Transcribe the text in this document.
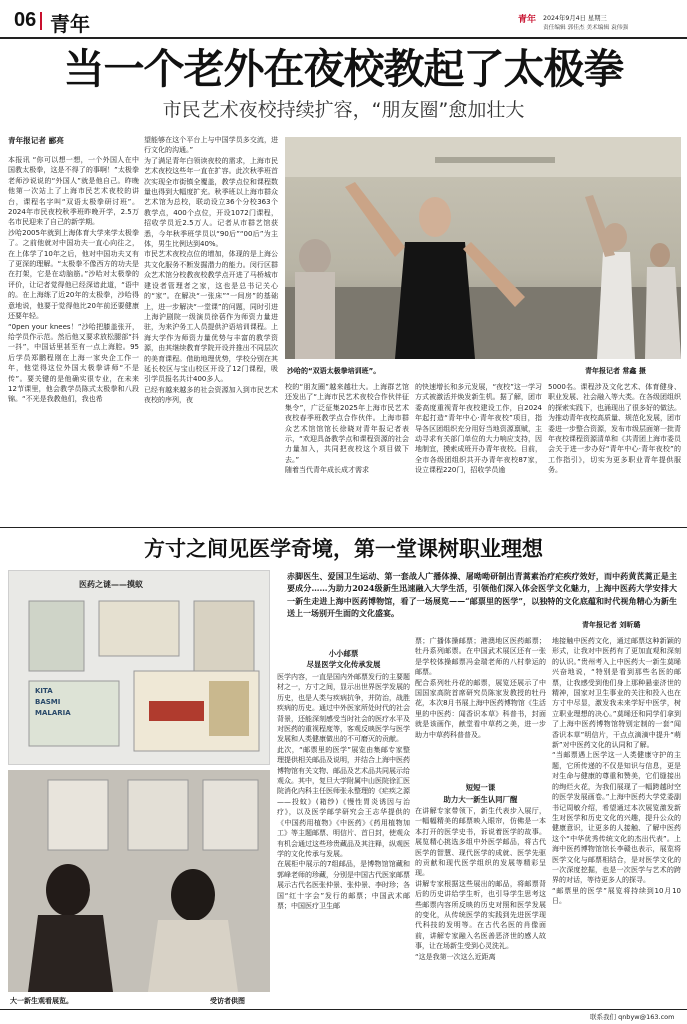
06 青年	青年 2024年9月4日 星期三
责任编辑 郭佳杰 美术编辑 袁伟强
当一个老外在夜校教起了太极拳
市民艺术夜校持续扩容，“朋友圈”愈加壮大
青年报记者 郦亮
本报讯 “你可以想一想，一个外国人在中国教太极拳，这是不得了的事啊！”太极拳老师沙说说的“外国人”就是他自己。昨晚他第一次站上了上海市民艺术夜校的讲台，课程名字叫“双语太极拳研讨班”。2024年市民夜校秋季班昨晚开学，2.5万名市民迎来了自己的新学期。
沙哈2005年就到上海体育大学来学太极拳了。之前他就对中国功夫一直心向往之，在上体学了10年之后，他对中国功夫又有了更深的理解。“太极拳不像西方的功夫是在打架，它是在动脑筋。”沙哈对太极拳的评价，让记者觉得他已经深谙此道，“语中的。在上海练了近20年的太极拳，沙哈得意地说，他要于觉得他比20年前还要健康还要年轻。
“0pen your knees！”沙哈把膝盖张开，给学员作示范。然后他又要求放松腿部“抖一抖”，中国话里甚至有一点上海腔。95后学员郑鹏程刚在上海一家央企工作一年，他觉得这位外国太极拳讲师“不是传”。要关键的是他确实很专业，在未来12节课里，他会教学员陈式太极拳和八段锦。“不光是我教他们，我也希
望能够在这个平台上与中国学员多交流，进行文化的沟通。”
为了满足青年白领读夜校的需求，上海市民艺术夜校这些年一直在扩容。此次秋季班首次实现全市街镇全覆盖，教学点位和课程数量也得到大幅度扩充。秋季班以上海市群众艺术馆为总校，联动设立36个分校363个教学点，400个点位，开设1072门课程，招收学员近2.5万人。记者从市群艺馆获悉，今年秋季班学员以“90后”“00后”为主体，男生比例达到40%。
市民艺术夜校点位的增加，体现的是上海公共文化服务不断发掘潜力的能力。闵行区群众艺术馆分校教夜校教学点开进了马桥城市建设者管理者之家，这也是总书记关心的“家”。在解决“一张床”“一间房”的基础上，进一步解决“一堂课”的问题，同时引进上海沪剧院一级演员徐蓓作为师资力量进驻，为来沪务工人员提供沪语培训课程。上海大学作为师资力量优势与丰富的教学资源，由其继续教育学院开设并推出不同层次的美育课程。借助地理优势，学校分别在其延长校区与宝山校区开设了12门课程，吸引学员报名共计400多人。
已经有越来越多的社会资源加入到市民艺术夜校的序列，夜
沙哈的“双语太极拳培训班”。	青年报记者 常鑫 摄
校的“朋友圈”越来越壮大。上海群艺馆还发出了“上海市民艺术夜校合作伙伴征集令”，广泛征集2025年上海市民艺术夜校春季班教学点合作伙伴。上海市群众艺术馆馆馆长徐晓对青年报记者表示，“欢迎具备教学点和课程资源的社会力量加入，共同把夜校这个项目做下去。”
随着当代青年成长成才需求
的快速增长和多元发展，“夜校”这一学习方式被激活并焕发新生机。据了解，团市委高度重视青年夜校建设工作，自2024年起打造“青年中心·青年夜校”项目，指导各区团组织充分用好当地资源禀赋，主动寻求有关部门单位的大力响应支持，因地制宜，摸索成班开办青年夜校。目前，全市各级团组织共开办青年夜校87家，设立课程220门，招收学员逾
5000名。课程涉及文化艺术、体育健身、职业发展、社会融入等大类。在各级团组织的探索实践下，也涌现出了很多好的做法。为推动青年夜校高质量、规范化发展，团市委进一步整合资源，发布市级层面第一批青年夜校课程资源清单和《共青团上海市委员会关于进一步办好“青年中心·青年夜校”的工作指引》，切实为更多职业青年提供服务。
方寸之间见医学奇境，第一堂课树职业理想
医药之谜——摸蚁
KITA
BASMI
MALARIA
大一新生观看展览。	受访者供图
赤脚医生、爱国卫生运动、第一套战人广播体操、屠呦呦研制出青蒿素治疗疟疾疗效好，而中药黄芪蒿正是主要成分……为助力2024级新生迅速融入大学生活，引领他们深入体会医学文化魅力，上海中医药大学安排大一新生走进上海中医药博物馆，看了一场展览——“邮票里的医学”，以独特的文化底蕴和时代视角精心为新生送上一场别开生面的文化盛宴。
青年报记者 刘昕璐
小小邮票
尽显医学文化传承发展
医学内容，一直是国内外邮票发行的主要题材之一，方寸之间，显示出世界医学发展的历史，也是人类与疾病抗争，并防治，战胜疾病的历史。通过中外医家所处时代的社会背景，还能深刻感受当时社会的医疗水平及对医药的重视程度等，客观反映医学与医学发展和人类健康做出的不可磨灭的贡献。
此次，“邮票里的医学”展览由集邮专家整理提供相关邮品及说明，并结合上海中医药博物馆有关文物、邮品及艺术品共同展示给观众。其中，复旦大学附属中山医院徐汇医院消化内科主任医师张永整理的《疟疾之源——投蚊》(箱纱)《慢性胃炎诱因与治疗》，以及医学邮学研究会王志华提供的《中国药用植物》《中医药》《药用植物加工》等主题邮票、明信片、首日封，使观众有机会通过这些珍贵藏品及其注释，纵观医学的文化传承与发展。
在展柜中展示的7组邮品，是博物馆馆藏和郭峰老师的珍藏，分别是中国古代医家邮票展示古代名医张仲景、张仲景、李时珍；各国“红十字会”发行的邮票；中国武术邮票；中国医疗卫生邮
票；广播体操邮票；港澳地区医药邮票；牡丹系列邮票。在中国武术展区还有一张是学校体操邮票冯金瑞老师的八村拳运的邮票。
配合系列牡丹花的邮票，展览还展示了中国国家高院首席研究员陈家发教授的牡丹花，本次8月书展上海中医药博物馆《生活里的中医药：闻香识本草》科普书，封面就是该画作，献堂看中草药之美，进一步助力中草药科普普及。
短短一课
助力大一新生认同厂醒
在讲解专家带领下，新生代表步入展厅，一幅幅精美的邮票映入眼帘，仿佛是一本本打开的医学史书，诉说着医学的故事。展览精心挑选多组中外医学邮品，将古代医学的智慧、现代医学的成就、医学先驱的贡献和现代医学组织的发展等精彩呈现。
讲解专家根据这些展出的邮品，将邮票背后的历史讲给学生听，也引导学生思考这些邮票内容所反映的历史对照和医学发展的变化，从传统医学的实践到先进医学现代科技的发明等。在古代名医的肖像面前，讲解专家融入名医善恶济世的感人故事，让在场新生受到心灵洗礼。
“这是我第一次这么近距离
地接触中医药文化，通过邮票这种新颖的形式，让我对中医药有了更加直观和深刻的认识。”贵州考入上中医药大一新生莫晞兴奋地说，“特别是看到那些名医的邮票，让我感受到他们身上那种悬壶济世的精神，国家对卫生事业的关注和投入也在方寸中尽显，激发我未来学好中医学，树立职业理想的决心。”莫晞还和同学们拿到了上海中医药博物馆特别定制的一套“闻香识本草”明信片，干点点滴滴中提升“萌新”对中医药文化的认同和了解。
“当邮票遇上医学这一人类健康守护的主题，它所传递的不仅是知识与信息，更是对生命与健康的尊重和赞美，它们缝接出的绚烂火花，为我们展现了一幅跨越时空的医学发展画卷。”上海中医药大学党委副书记周敏介绍，希望通过本次展览激发新生对医学和历史文化的兴趣，提升公众的健康意识，让更多的人接触、了解中医药这个“中华优秀传统文化的杰出代表”。上海中医药博物馆馆长李赣也表示，展览将医学文化与邮票相结合，是对医学文化的一次深度挖掘，也是一次医学与艺术的跨界的对话，等待更多人的探寻。
“邮票里的医学”展览将持续到10月10日。
联系我们 qnbyw@163.com
